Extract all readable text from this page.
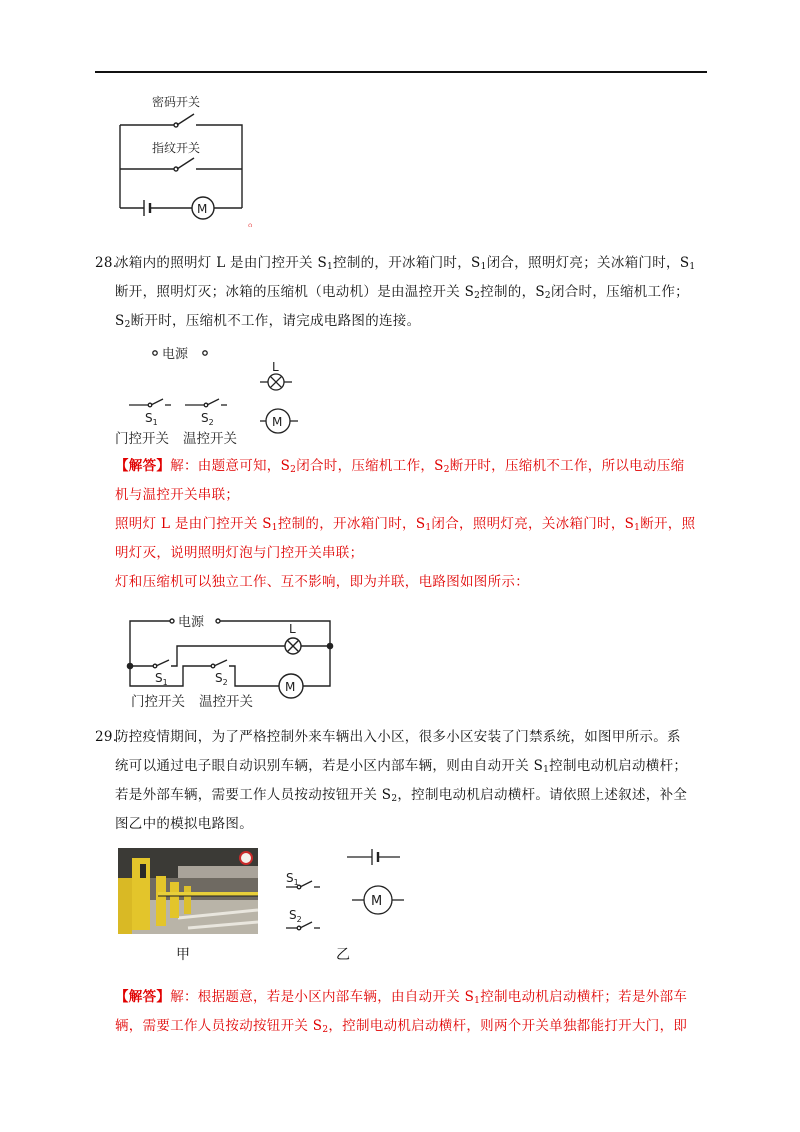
密码开关
指纹开关
M
。
28.
冰箱内的照明灯 L 是由门控开关 $S_1$控制的，开冰箱门时，$S_1$闭合，照明灯亮；关冰箱门时，$S_1$
断开，照明灯灭；冰箱的压缩机（电动机）是由温控开关 $S_2$控制的，$S_2$闭合时，压缩机工作；
$S_2$断开时，压缩机不工作，请完成电路图的连接。
电源
L
$S_1$	$S_2$	M
门控开关 温控开关
【解答】解：由题意可知，$S_2$闭合时，压缩机工作，$S_2$断开时，压缩机不工作，所以电动压缩
机与温控开关串联；
照明灯 L 是由门控开关 $S_1$控制的，开冰箱门时，$S_1$闭合，照明灯亮，关冰箱门时，$S_1$断开，照
明灯灭，说明照明灯泡与门控开关串联；
灯和压缩机可以独立工作、互不影响，即为并联，电路图如图所示：
电源	L
M
$S_1$	$S_2$
门控开关 温控开关
29.
防控疫情期间，为了严格控制外来车辆出入小区，很多小区安装了门禁系统，如图甲所示。系
统可以通过电子眼自动识别车辆，若是小区内部车辆，则由自动开关 $S_1$控制电动机启动横杆；
若是外部车辆，需要工作人员按动按钮开关 $S_2$，控制电动机启动横杆。请依照上述叙述，补全
图乙中的模拟电路图。
甲
$S_1$
M
$S_2$
乙
【解答】解：根据题意，若是小区内部车辆，由自动开关 $S_1$控制电动机启动横杆；若是外部车
辆，需要工作人员按动按钮开关 $S_2$，控制电动机启动横杆，则两个开关单独都能打开大门，即
